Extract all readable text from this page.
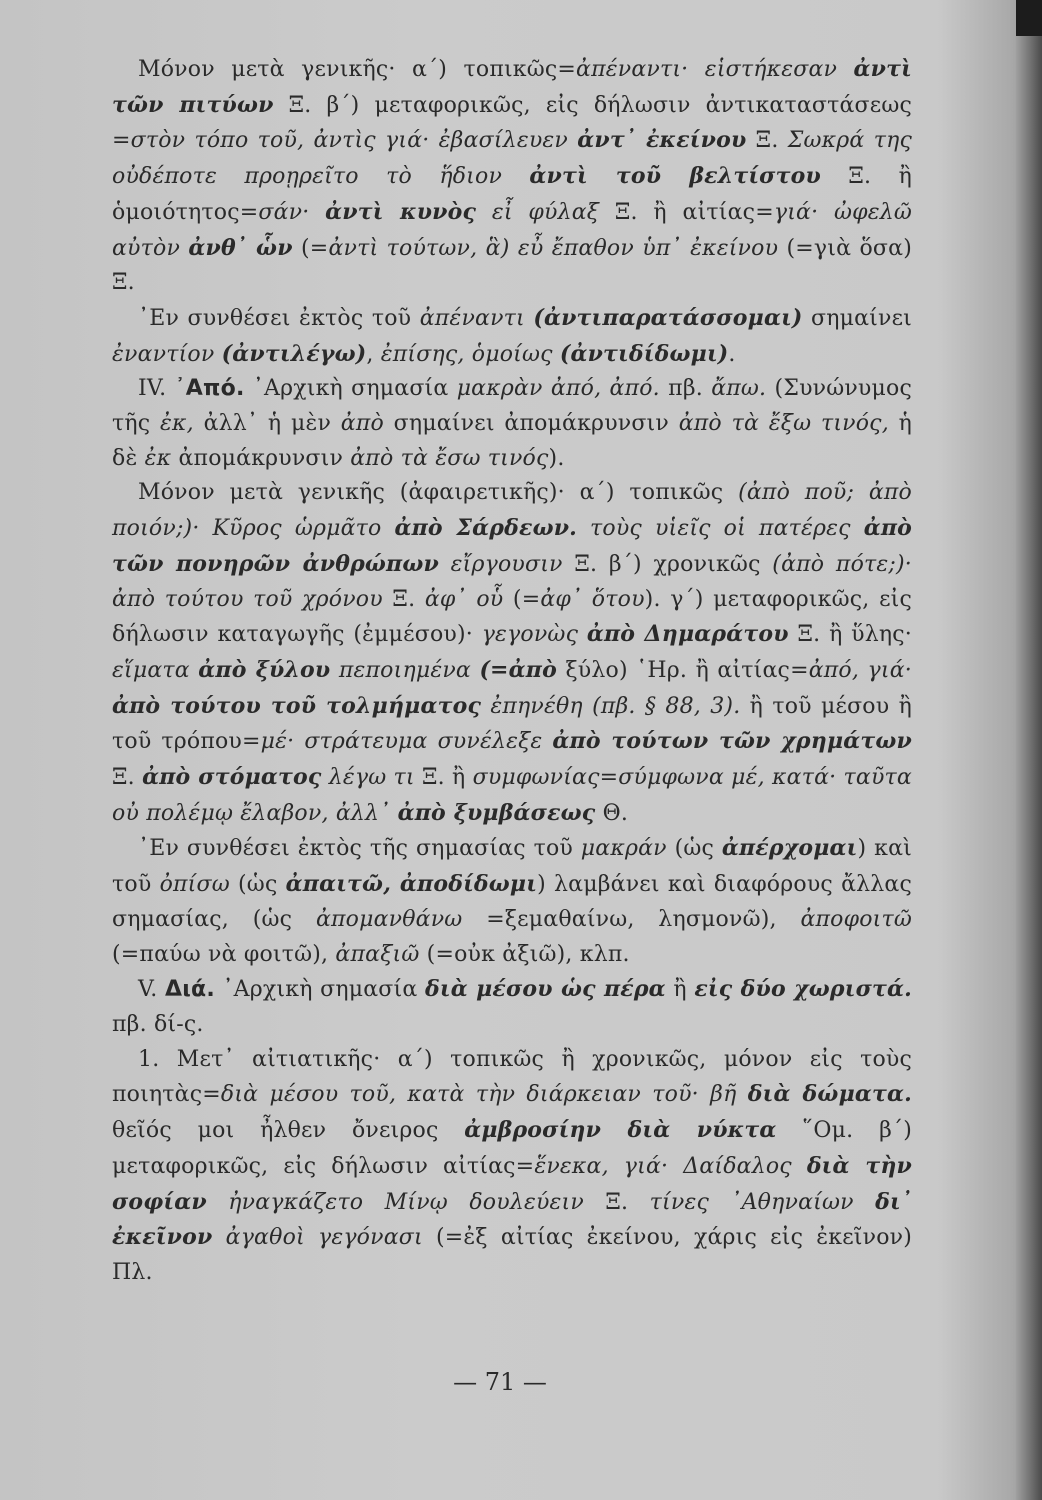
Μόνον μετὰ γενικῆς· α΄) τοπικῶς=ἀπέναντι· εἱστήκεσαν ἀντὶ τῶν πιτύων Ξ. β΄) μεταφορικῶς, εἰς δήλωσιν ἀντικαταστάσεως =στὸν τόπο τοῦ, ἀντὶς γιά· ἐβασίλευεν ἀντ᾽ ἐκείνου Ξ. Σωκρά της οὐδέποτε προῃρεῖτο τὸ ἥδιον ἀντὶ τοῦ βελτίστου Ξ. ἢ ὁμοιότητος=σάν· ἀντὶ κυνὸς εἶ φύλαξ Ξ. ἢ αἰτίας=γιά· ὠφελῶ αὐτὸν ἀνθ᾽ ὧν (=ἀντὶ τούτων, ἃ) εὖ ἔπαθον ὑπ᾽ ἐκείνου (=γιὰ ὅσα) Ξ.

᾽Εν συνθέσει ἐκτὸς τοῦ ἀπέναντι (ἀντιπαρατάσσομαι) σημαίνει ἐναντίον (ἀντιλέγω), ἐπίσης, ὁμοίως (ἀντιδίδωμι).

IV. ᾽Από. ᾽Αρχικὴ σημασία μακρὰν ἀπό, ἀπό. πβ. ἄπω. (Συνώνυμος τῆς ἐκ, ἀλλ᾽ ἡ μὲν ἀπὸ σημαίνει ἀπομάκρυνσιν ἀπὸ τὰ ἔξω τινός, ἡ δὲ ἐκ ἀπομάκρυνσιν ἀπὸ τὰ ἔσω τινός).

Μόνον μετὰ γενικῆς (ἀφαιρετικῆς)· α΄) τοπικῶς (ἀπὸ ποῦ; ἀπὸ ποιόν;)· Κῦρος ὡρμᾶτο ἀπὸ Σάρδεων. τοὺς υἱεῖς οἱ πατέρες ἀπὸ τῶν πονηρῶν ἀνθρώπων εἴργουσιν Ξ. β΄) χρονικῶς (ἀπὸ πότε;)· ἀπὸ τούτου τοῦ χρόνου Ξ. ἀφ᾽ οὗ (=ἀφ᾽ ὅτου). γ΄) μεταφορικῶς, εἰς δήλωσιν καταγωγῆς (ἐμμέσου)· γεγονὼς ἀπὸ Δημαράτου Ξ. ἢ ὕλης· εἵματα ἀπὸ ξύλου πεποιημένα (=ἀπὸ ξύλο) ῾Ηρ. ἢ αἰτίας=ἀπό, γιά· ἀπὸ τούτου τοῦ τολμήματος ἐπηνέθη (πβ. § 88, 3). ἢ τοῦ μέσου ἢ τοῦ τρόπου=μέ· στράτευμα συνέλεξε ἀπὸ τούτων τῶν χρημάτων Ξ. ἀπὸ στόματος λέγω τι Ξ. ἢ συμφωνίας=σύμφωνα μέ, κατά· ταῦτα οὐ πολέμῳ ἔλαβον, ἀλλ᾽ ἀπὸ ξυμβάσεως Θ.

᾽Εν συνθέσει ἐκτὸς τῆς σημασίας τοῦ μακράν (ὡς ἀπέρχομαι) καὶ τοῦ ὀπίσω (ὡς ἀπαιτῶ, ἀποδίδωμι) λαμβάνει καὶ διαφόρους ἄλλας σημασίας, (ὡς ἀπομανθάνω =ξεμαθαίνω, λησμονῶ), ἀποφοιτῶ (=παύω νὰ φοιτῶ), ἀπαξιῶ (=οὐκ ἀξιῶ), κλπ.

V. Διά. ᾽Αρχικὴ σημασία διὰ μέσου ὡς πέρα ἢ εἰς δύο χωριστά. πβ. δί-ς.

1. Μετ᾽ αἰτιατικῆς· α΄) τοπικῶς ἢ χρονικῶς, μόνον εἰς τοὺς ποιητὰς=διὰ μέσου τοῦ, κατὰ τὴν διάρκειαν τοῦ· βῆ διὰ δώματα. θεῖός μοι ἦλθεν ὄνειρος ἀμβροσίην διὰ νύκτα ῞Ομ. β΄) μεταφορικῶς, εἰς δήλωσιν αἰτίας=ἕνεκα, γιά· Δαίδαλος διὰ τὴν σοφίαν ἠναγκάζετο Μίνῳ δουλεύειν Ξ. τίνες ᾽Αθηναίων δι᾽ ἐκεῖνον ἀγαθοὶ γεγόνασι (=ἐξ αἰτίας ἐκείνου, χάρις εἰς ἐκεῖνον) Πλ.

— 71 —
